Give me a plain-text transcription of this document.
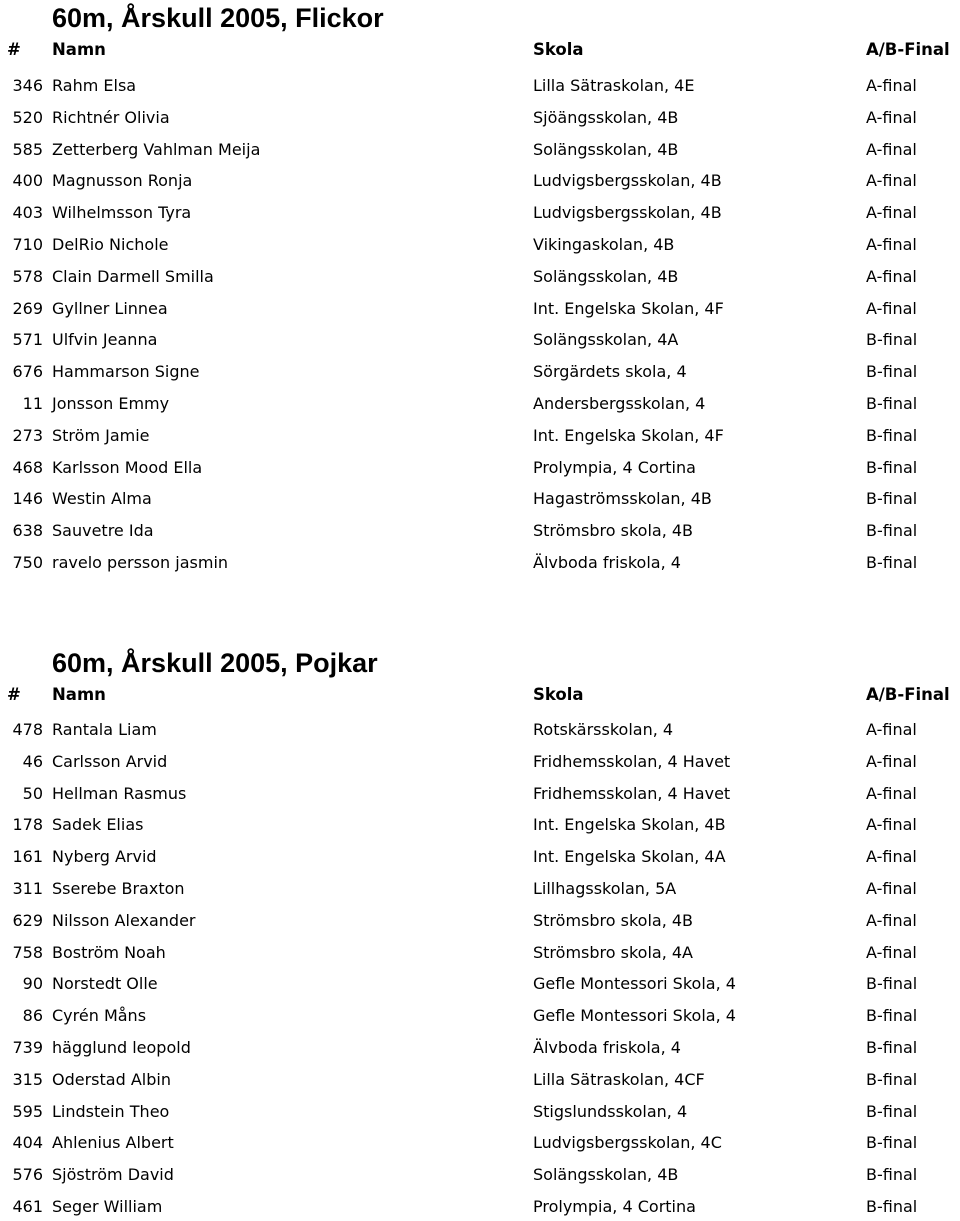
60m, Årskull 2005, Flickor
# Namn	Skola	A/B-Final
346 Rahm Elsa	Lilla Sätraskolan, 4E	A-final
520 Richtnér Olivia	Sjöängsskolan, 4B	A-final
585 Zetterberg Vahlman Meija	Solängsskolan, 4B	A-final
400 Magnusson Ronja	Ludvigsbergsskolan, 4B	A-final
403 Wilhelmsson Tyra	Ludvigsbergsskolan, 4B	A-final
710 DelRio Nichole	Vikingaskolan, 4B	A-final
578 Clain Darmell Smilla	Solängsskolan, 4B	A-final
269 Gyllner Linnea	Int. Engelska Skolan, 4F	A-final
571 Ulfvin Jeanna	Solängsskolan, 4A	B-final
676 Hammarson Signe	Sörgärdets skola, 4	B-final
11 Jonsson Emmy	Andersbergsskolan, 4	B-final
273 Ström Jamie	Int. Engelska Skolan, 4F	B-final
468 Karlsson Mood Ella	Prolympia, 4 Cortina	B-final
146 Westin Alma	Hagaströmsskolan, 4B	B-final
638 Sauvetre Ida	Strömsbro skola, 4B	B-final
750 ravelo persson jasmin	Älvboda friskola, 4	B-final
60m, Årskull 2005, Pojkar
# Namn	Skola	A/B-Final
478 Rantala Liam	Rotskärsskolan, 4	A-final
46 Carlsson Arvid	Fridhemsskolan, 4 Havet	A-final
50 Hellman Rasmus	Fridhemsskolan, 4 Havet	A-final
178 Sadek Elias	Int. Engelska Skolan, 4B	A-final
161 Nyberg Arvid	Int. Engelska Skolan, 4A	A-final
311 Sserebe Braxton	Lillhagsskolan, 5A	A-final
629 Nilsson Alexander	Strömsbro skola, 4B	A-final
758 Boström Noah	Strömsbro skola, 4A	A-final
90 Norstedt Olle	Gefle Montessori Skola, 4	B-final
86 Cyrén Måns	Gefle Montessori Skola, 4	B-final
739 hägglund leopold	Älvboda friskola, 4	B-final
315 Oderstad Albin	Lilla Sätraskolan, 4CF	B-final
595 Lindstein Theo	Stigslundsskolan, 4	B-final
404 Ahlenius Albert	Ludvigsbergsskolan, 4C	B-final
576 Sjöström David	Solängsskolan, 4B	B-final
461 Seger William	Prolympia, 4 Cortina	B-final
